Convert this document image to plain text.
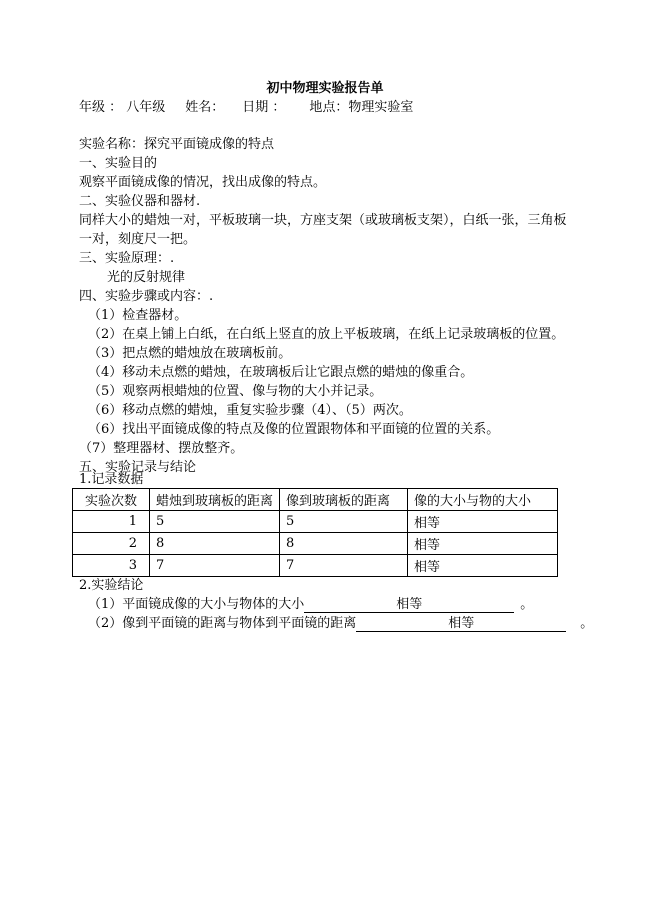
初中物理实验报告单
年级 ： 八年级 姓名： 日期 ： 地点：物理实验室
实验名称：探究平面镜成像的特点
一、实验目的
观察平面镜成像的情况，找出成像的特点。
二、实验仪器和器材.
同样大小的蜡烛一对，平板玻璃一块，方座支架（或玻璃板支架），白纸一张，三角板
一对，刻度尺一把。
三、实验原理：.
光的反射规律
四、实验步骤或内容：.
（1）检查器材。
（2）在桌上铺上白纸，在白纸上竖直的放上平板玻璃，在纸上记录玻璃板的位置。
（3）把点燃的蜡烛放在玻璃板前。
（4）移动未点燃的蜡烛，在玻璃板后让它跟点燃的蜡烛的像重合。
（5）观察两根蜡烛的位置、像与物的大小并记录。
（6）移动点燃的蜡烛，重复实验步骤（4）、（5）两次。
（6）找出平面镜成像的特点及像的位置跟物体和平面镜的位置的关系。
（7）整理器材、摆放整齐。
五、实验记录与结论
1.记录数据
实验次数	蜡烛到玻璃板的距离	像到玻璃板的距离	像的大小与物的大小
1	5	5	相等
2	8	8	相等
3	7	7	相等
2.实验结论
（1）平面镜成像的大小与物体的大小	相等	。
（2）像到平面镜的距离与物体到平面镜的距离	相等	。
